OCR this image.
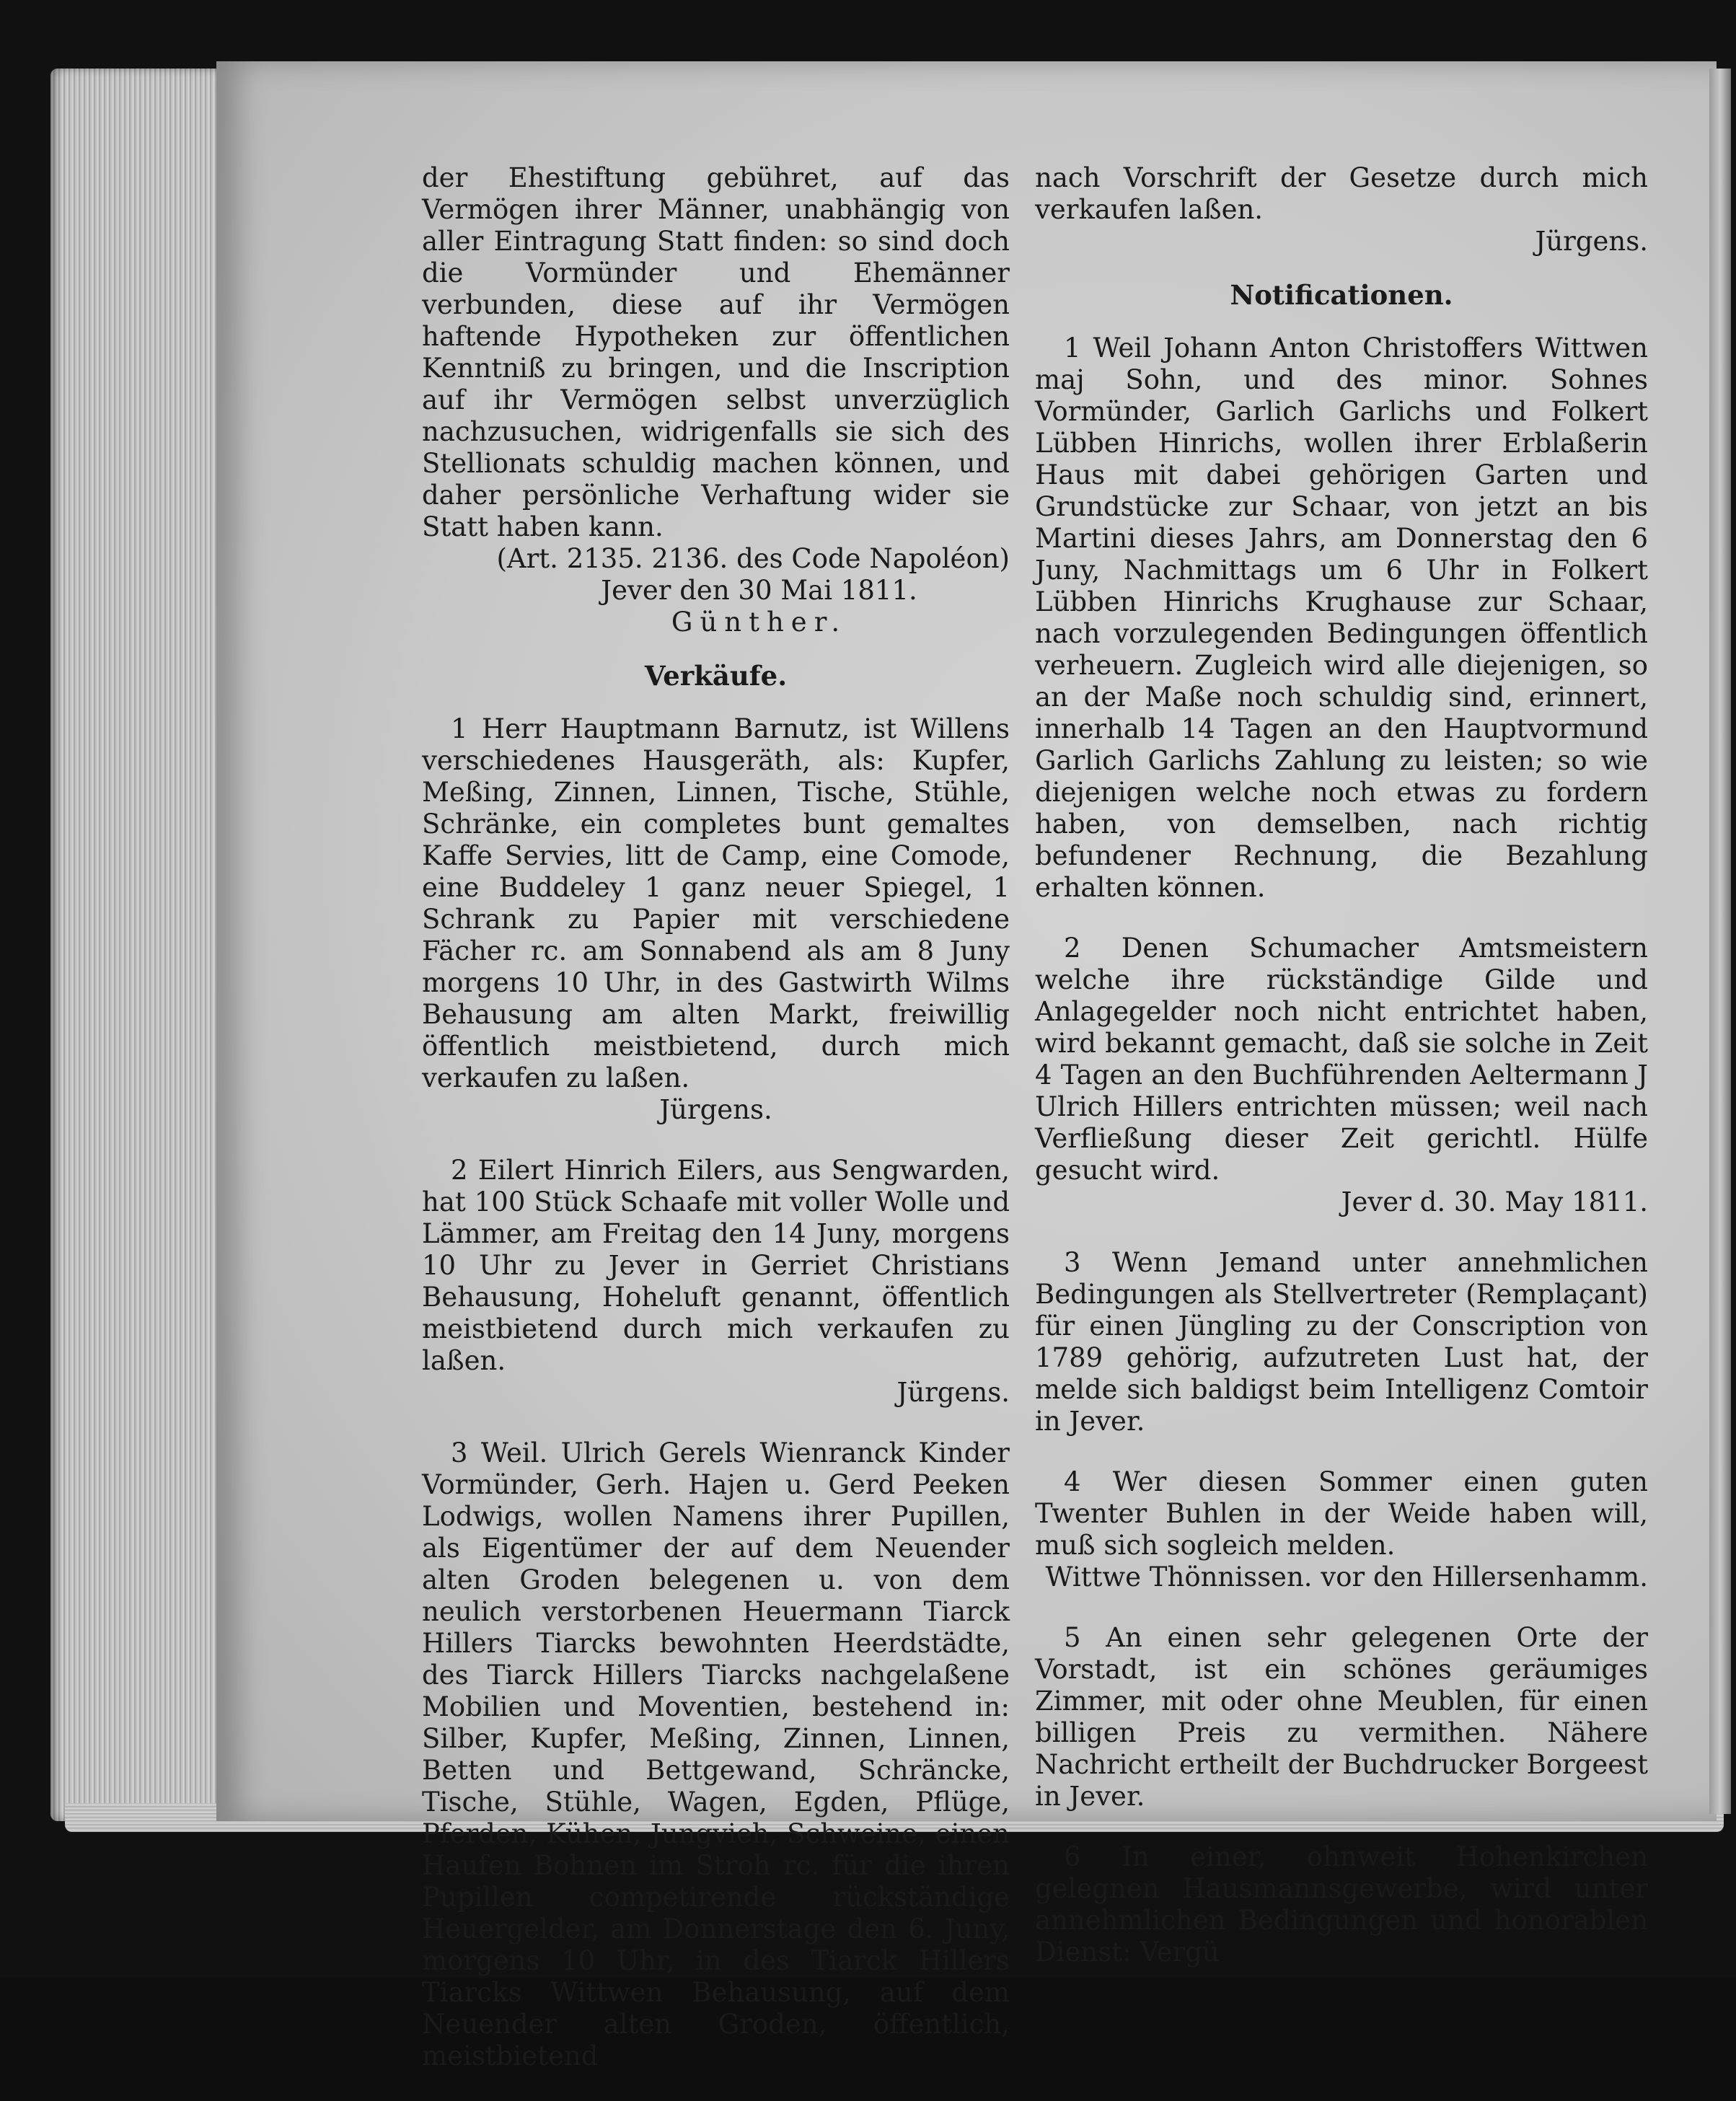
der Ehestiftung gebühret, auf das Vermögen ihrer Männer, unabhängig von aller Eintragung Statt finden: so sind doch die Vormünder und Ehemänner verbunden, diese auf ihr Vermögen haftende Hypotheken zur öffentlichen Kenntniß zu bringen, und die Inscription auf ihr Vermögen selbst unverzüglich nachzusuchen, widrigenfalls sie sich des Stellionats schuldig machen können, und daher persönliche Verhaftung wider sie Statt haben kann.

(Art. 2135. 2136. des Code Napoléon)

Jever den 30 Mai 1811.

Günther.

Verkäufe.

1 Herr Hauptmann Barnutz, ist Willens verschiedenes Hausgeräth, als: Kupfer, Meßing, Zinnen, Linnen, Tische, Stühle, Schränke, ein completes bunt gemaltes Kaffe Servies, litt de Camp, eine Comode, eine Buddeley 1 ganz neuer Spiegel, 1 Schrank zu Papier mit verschiedene Fächer rc. am Sonnabend als am 8 Juny morgens 10 Uhr, in des Gastwirth Wilms Behausung am alten Markt, freiwillig öffentlich meistbietend, durch mich verkaufen zu laßen.

Jürgens.

2 Eilert Hinrich Eilers, aus Sengwarden, hat 100 Stück Schaafe mit voller Wolle und Lämmer, am Freitag den 14 Juny, morgens 10 Uhr zu Jever in Gerriet Christians Behausung, Hoheluft genannt, öffentlich meistbietend durch mich verkaufen zu laßen.

Jürgens.

3 Weil. Ulrich Gerels Wienranck Kinder Vormünder, Gerh. Hajen u. Gerd Peeken Lodwigs, wollen Namens ihrer Pupillen, als Eigentümer der auf dem Neuender alten Groden belegenen u. von dem neulich verstorbenen Heuermann Tiarck Hillers Tiarcks bewohnten Heerdstädte, des Tiarck Hillers Tiarcks nachgelaßene Mobilien und Moventien, bestehend in: Silber, Kupfer, Meßing, Zinnen, Linnen, Betten und Bettgewand, Schräncke, Tische, Stühle, Wagen, Egden, Pflüge, Pferden, Kühen, Jungvieh, Schweine, einen Haufen Bohnen im Stroh rc. für die ihren Pupillen competirende rückständige Heuergelder, am Donnerstage den 6. Juny, morgens 10 Uhr, in des Tiarck Hillers Tiarcks Wittwen Behausung, auf dem Neuender alten Groden, öffentlich, meistbietend

nach Vorschrift der Gesetze durch mich verkaufen laßen.

Jürgens.

Notificationen.

1 Weil Johann Anton Christoffers Wittwen maj Sohn, und des minor. Sohnes Vormünder, Garlich Garlichs und Folkert Lübben Hinrichs, wollen ihrer Erblaßerin Haus mit dabei gehörigen Garten und Grundstücke zur Schaar, von jetzt an bis Martini dieses Jahrs, am Donnerstag den 6 Juny, Nachmittags um 6 Uhr in Folkert Lübben Hinrichs Krughause zur Schaar, nach vorzulegenden Bedingungen öffentlich verheuern. Zugleich wird alle diejenigen, so an der Maße noch schuldig sind, erinnert, innerhalb 14 Tagen an den Hauptvormund Garlich Garlichs Zahlung zu leisten; so wie diejenigen welche noch etwas zu fordern haben, von demselben, nach richtig befundener Rechnung, die Bezahlung erhalten können.

2 Denen Schumacher Amtsmeistern welche ihre rückständige Gilde und Anlagegelder noch nicht entrichtet haben, wird bekannt gemacht, daß sie solche in Zeit 4 Tagen an den Buchführenden Aeltermann J Ulrich Hillers entrichten müssen; weil nach Verfließung dieser Zeit gerichtl. Hülfe gesucht wird.

Jever d. 30. May 1811.

3 Wenn Jemand unter annehmlichen Bedingungen als Stellvertreter (Remplaçant) für einen Jüngling zu der Conscription von 1789 gehörig, aufzutreten Lust hat, der melde sich baldigst beim Intelligenz Comtoir in Jever.

4 Wer diesen Sommer einen guten Twenter Buhlen in der Weide haben will, muß sich sogleich melden.

Wittwe Thönnissen. vor den Hillersenhamm.

5 An einen sehr gelegenen Orte der Vorstadt, ist ein schönes geräumiges Zimmer, mit oder ohne Meublen, für einen billigen Preis zu vermithen. Nähere Nachricht ertheilt der Buchdrucker Borgeest in Jever.

6 In einer, ohnweit Hohenkirchen gelegnen Hausmannsgewerbe, wird unter annehmlichen Bedingungen und honorablen Dienst: Vergü
